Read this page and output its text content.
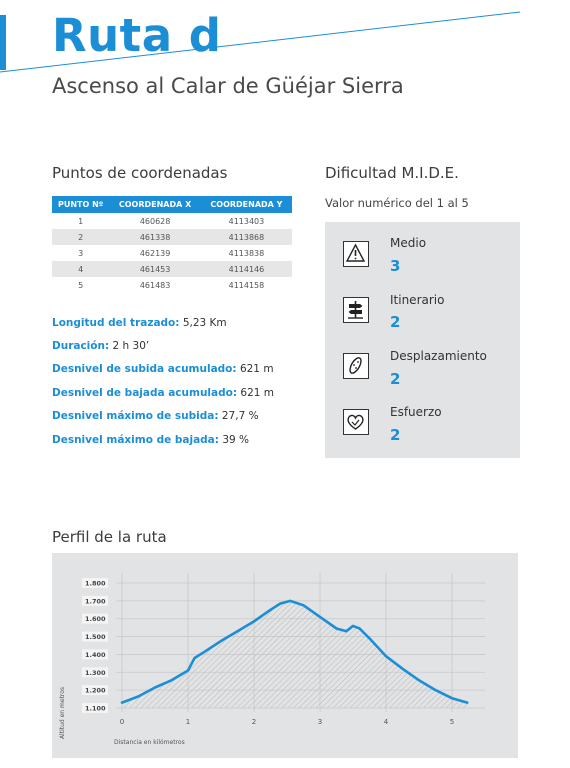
Ruta d
Ascenso al Calar de Güéjar Sierra
Puntos de coordenadas
PUNTO Nº	COORDENADA X	COORDENADA Y
1	460628	4113403
2	461338	4113868
3	462139	4113838
4	461453	4114146
5	461483	4114158
Longitud del trazado: 5,23 Km
Duración: 2 h 30’
Desnivel de subida acumulado: 621 m
Desnivel de bajada acumulado: 621 m
Desnivel máximo de subida: 27,7 %
Desnivel máximo de bajada: 39 %
Dificultad M.I.D.E.
Valor numérico del 1 al 5
Medio
3
Itinerario
2
Desplazamiento
2
Esfuerzo
2
Perfil de la ruta
1.100
1.200
1.300
1.400
1.500
1.600
1.700
1.800
0	1	2	3	4	5
Altitud en metros
Distancia en kilómetros
